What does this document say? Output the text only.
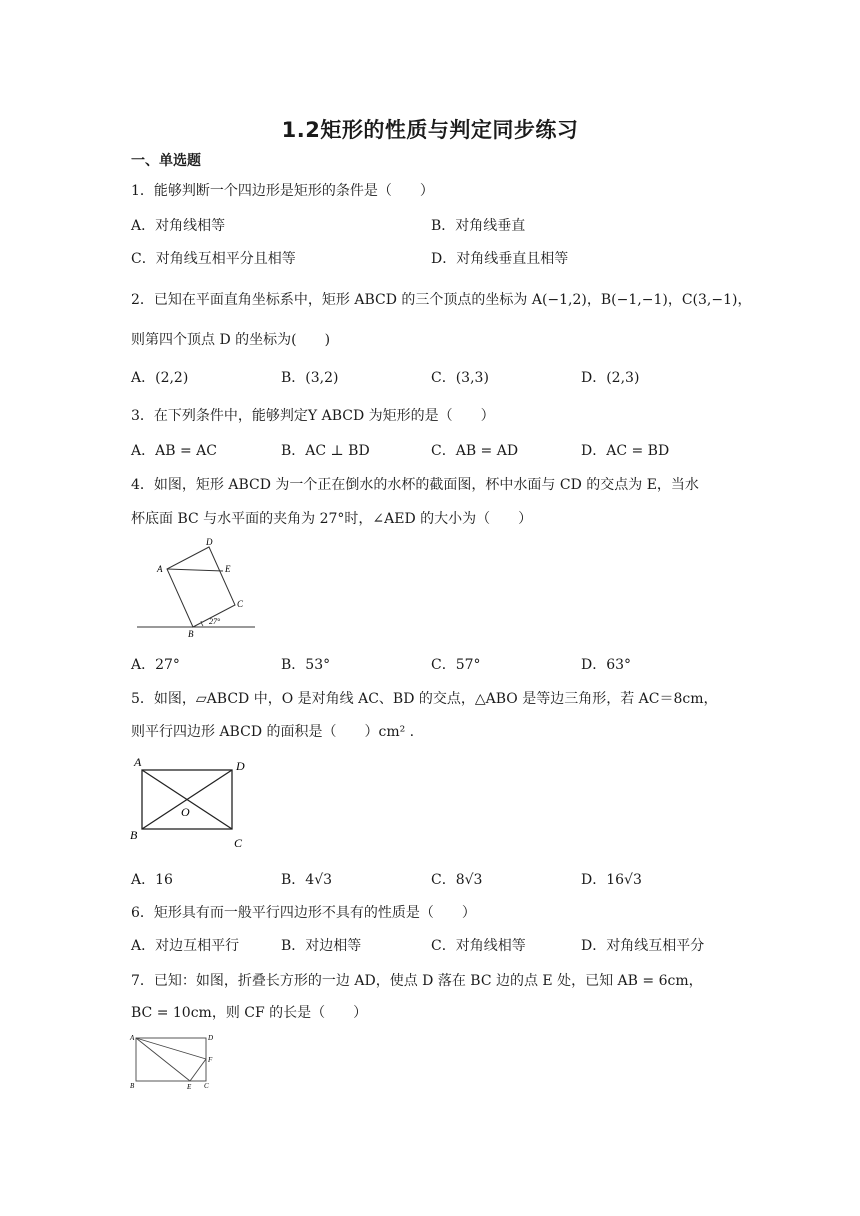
1.2矩形的性质与判定同步练习
一、单选题
1．能够判断一个四边形是矩形的条件是（　　）
A．对角线相等	B．对角线垂直
C．对角线互相平分且相等	D．对角线垂直且相等
2．已知在平面直角坐标系中，矩形 ABCD 的三个顶点的坐标为 A(−1,2)，B(−1,−1)，C(3,−1)，
则第四个顶点 D 的坐标为(　　)
A．(2,2)	B．(3,2)	C．(3,3)	D．(2,3)
3．在下列条件中，能够判定Y ABCD 为矩形的是（　　）
A．AB = AC	B．AC ⊥ BD	C．AB = AD	D．AC = BD
4．如图，矩形 ABCD 为一个正在倒水的水杯的截面图，杯中水面与 CD 的交点为 E，当水
杯底面 BC 与水平面的夹角为 27°时，∠AED 的大小为（　　）
D
A	E
C
B
27°
A．27°	B．53°	C．57°	D．63°
5．如图，▱ABCD 中，O 是对角线 AC、BD 的交点，△ABO 是等边三角形，若 AC＝8cm，
则平行四边形 ABCD 的面积是（　　）cm² .
A	D
O
B
C
A．16	B．4√3	C．8√3	D．16√3
6．矩形具有而一般平行四边形不具有的性质是（　　）
A．对边互相平行	B．对边相等	C．对角线相等	D．对角线互相平分
7．已知：如图，折叠长方形的一边 AD，使点 D 落在 BC 边的点 E 处，已知 AB = 6cm，
BC = 10cm，则 CF 的长是（　　）
A	D
F
B	E C
